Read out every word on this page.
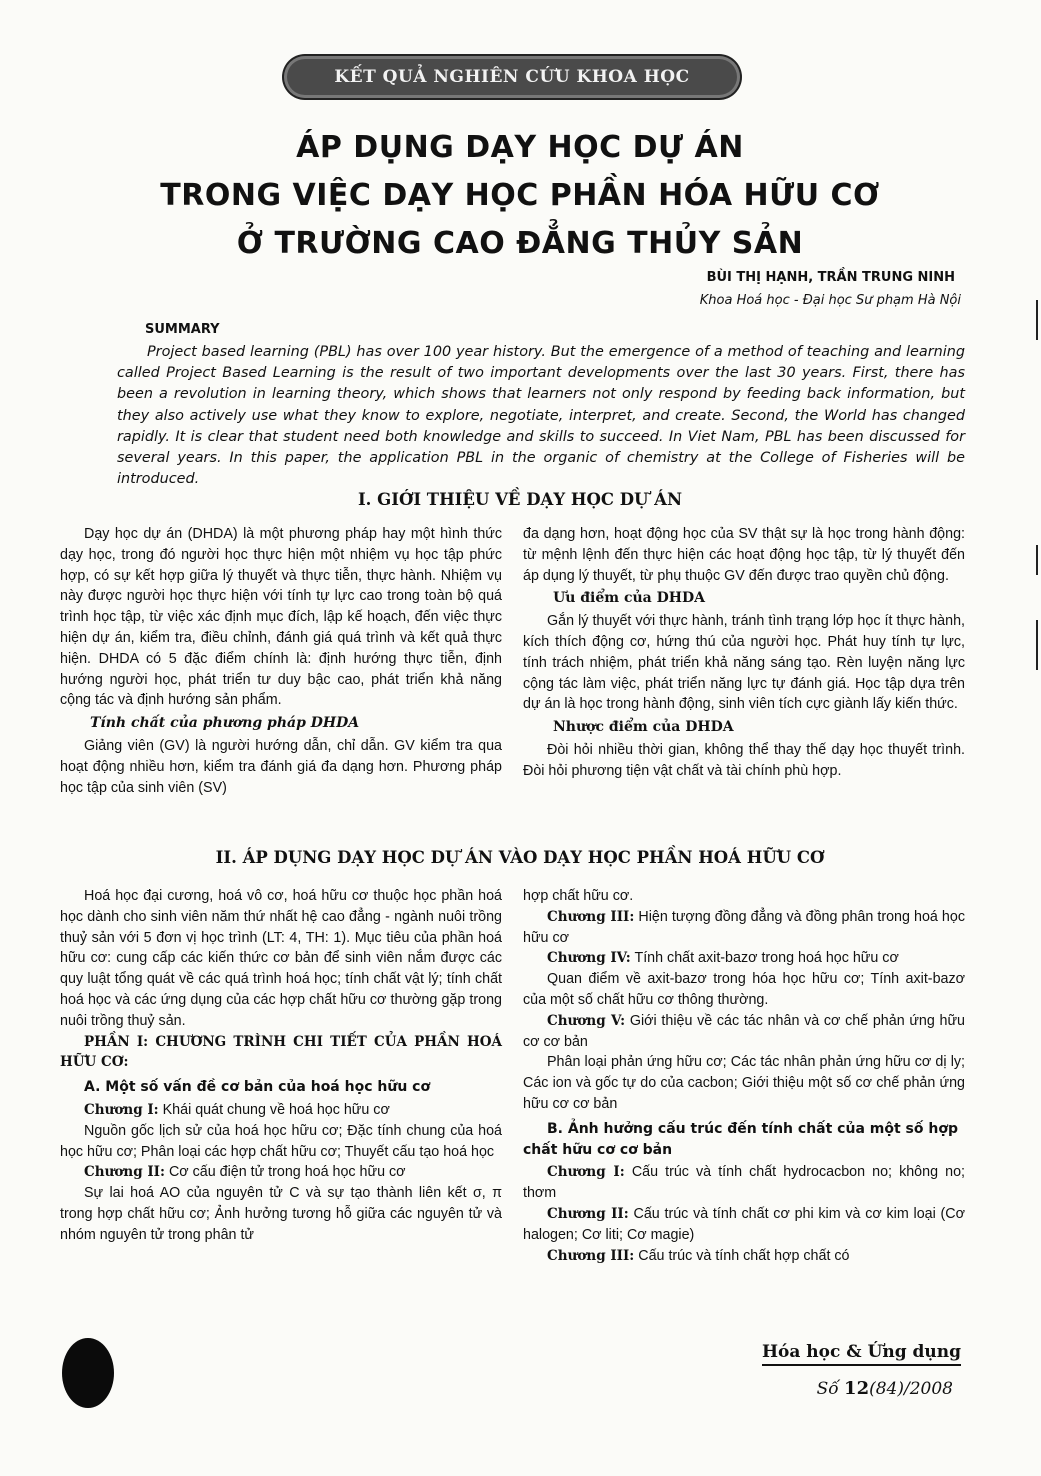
KẾT QUẢ NGHIÊN CỨU KHOA HỌC
ÁP DỤNG DẠY HỌC DỰ ÁN
TRONG VIỆC DẠY HỌC PHẦN HÓA HỮU CƠ
Ở TRƯỜNG CAO ĐẲNG THỦY SẢN
BÙI THỊ HẠNH, TRẦN TRUNG NINH
Khoa Hoá học - Đại học Sư phạm Hà Nội
SUMMARY

Project based learning (PBL) has over 100 year history. But the emergence of a method of teaching and learning called Project Based Learning is the result of two important developments over the last 30 years. First, there has been a revolution in learning theory, which shows that learners not only respond by feeding back information, but they also actively use what they know to explore, negotiate, interpret, and create. Second, the World has changed rapidly. It is clear that student need both knowledge and skills to succeed. In Viet Nam, PBL has been discussed for several years. In this paper, the application PBL in the organic of chemistry at the College of Fisheries will be introduced.

I. GIỚI THIỆU VỀ DẠY HỌC DỰ ÁN

Dạy học dự án (DHDA) là một phương pháp hay một hình thức dạy học, trong đó người học thực hiện một nhiệm vụ học tập phức hợp, có sự kết hợp giữa lý thuyết và thực tiễn, thực hành. Nhiệm vụ này được người học thực hiện với tính tự lực cao trong toàn bộ quá trình học tập, từ việc xác định mục đích, lập kế hoạch, đến việc thực hiện dự án, kiểm tra, điều chỉnh, đánh giá quá trình và kết quả thực hiện. DHDA có 5 đặc điểm chính là: định hướng thực tiễn, định hướng người học, phát triển tư duy bậc cao, phát triển khả năng cộng tác và định hướng sản phẩm.

Tính chất của phương pháp DHDA

Giảng viên (GV) là người hướng dẫn, chỉ dẫn. GV kiểm tra qua hoạt động nhiều hơn, kiểm tra đánh giá đa dạng hơn. Phương pháp học tập của sinh viên (SV)

đa dạng hơn, hoạt động học của SV thật sự là học trong hành động: từ mệnh lệnh đến thực hiện các hoạt động học tập, từ lý thuyết đến áp dụng lý thuyết, từ phụ thuộc GV đến được trao quyền chủ động.

Ưu điểm của DHDA

Gắn lý thuyết với thực hành, tránh tình trạng lớp học ít thực hành, kích thích động cơ, hứng thú của người học. Phát huy tính tự lực, tính trách nhiệm, phát triển khả năng sáng tạo. Rèn luyện năng lực cộng tác làm việc, phát triển năng lực tự đánh giá. Học tập dựa trên dự án là học trong hành động, sinh viên tích cực giành lấy kiến thức.

Nhược điểm của DHDA

Đòi hỏi nhiều thời gian, không thể thay thế dạy học thuyết trình. Đòi hỏi phương tiện vật chất và tài chính phù hợp.

II. ÁP DỤNG DẠY HỌC DỰ ÁN VÀO DẠY HỌC PHẦN HOÁ HỮU CƠ

Hoá học đại cương, hoá vô cơ, hoá hữu cơ thuộc học phần hoá học dành cho sinh viên năm thứ nhất hệ cao đẳng - ngành nuôi trồng thuỷ sản với 5 đơn vị học trình (LT: 4, TH: 1). Mục tiêu của phần hoá hữu cơ: cung cấp các kiến thức cơ bản để sinh viên nắm được các quy luật tổng quát về các quá trình hoá học; tính chất vật lý; tính chất hoá học và các ứng dụng của các hợp chất hữu cơ thường gặp trong nuôi trồng thuỷ sản.

PHẦN I: CHƯƠNG TRÌNH CHI TIẾT CỦA PHẦN HOÁ HỮU CƠ:

A. Một số vấn đề cơ bản của hoá học hữu cơ

Chương I: Khái quát chung về hoá học hữu cơ

Nguồn gốc lịch sử của hoá học hữu cơ; Đặc tính chung của hoá học hữu cơ; Phân loại các hợp chất hữu cơ; Thuyết cấu tạo hoá học

Chương II: Cơ cấu điện tử trong hoá học hữu cơ

Sự lai hoá AO của nguyên tử C và sự tạo thành liên kết σ, π trong hợp chất hữu cơ; Ảnh hưởng tương hỗ giữa các nguyên tử và nhóm nguyên tử trong phân tử

hợp chất hữu cơ.

Chương III: Hiện tượng đồng đẳng và đồng phân trong hoá học hữu cơ

Chương IV: Tính chất axit-bazơ trong hoá học hữu cơ

Quan điểm về axit-bazơ trong hóa học hữu cơ; Tính axit-bazơ của một số chất hữu cơ thông thường.

Chương V: Giới thiệu về các tác nhân và cơ chế phản ứng hữu cơ cơ bản

Phân loại phản ứng hữu cơ; Các tác nhân phản ứng hữu cơ dị ly; Các ion và gốc tự do của cacbon; Giới thiệu một số cơ chế phản ứng hữu cơ cơ bản

B. Ảnh hưởng cấu trúc đến tính chất của một số hợp chất hữu cơ cơ bản

Chương I: Cấu trúc và tính chất hydrocacbon no; không no; thơm

Chương II: Cấu trúc và tính chất cơ phi kim và cơ kim loại (Cơ halogen; Cơ liti; Cơ magie)

Chương III: Cấu trúc và tính chất hợp chất có

Hóa học & Ứng dụng
Số 12(84)/2008
